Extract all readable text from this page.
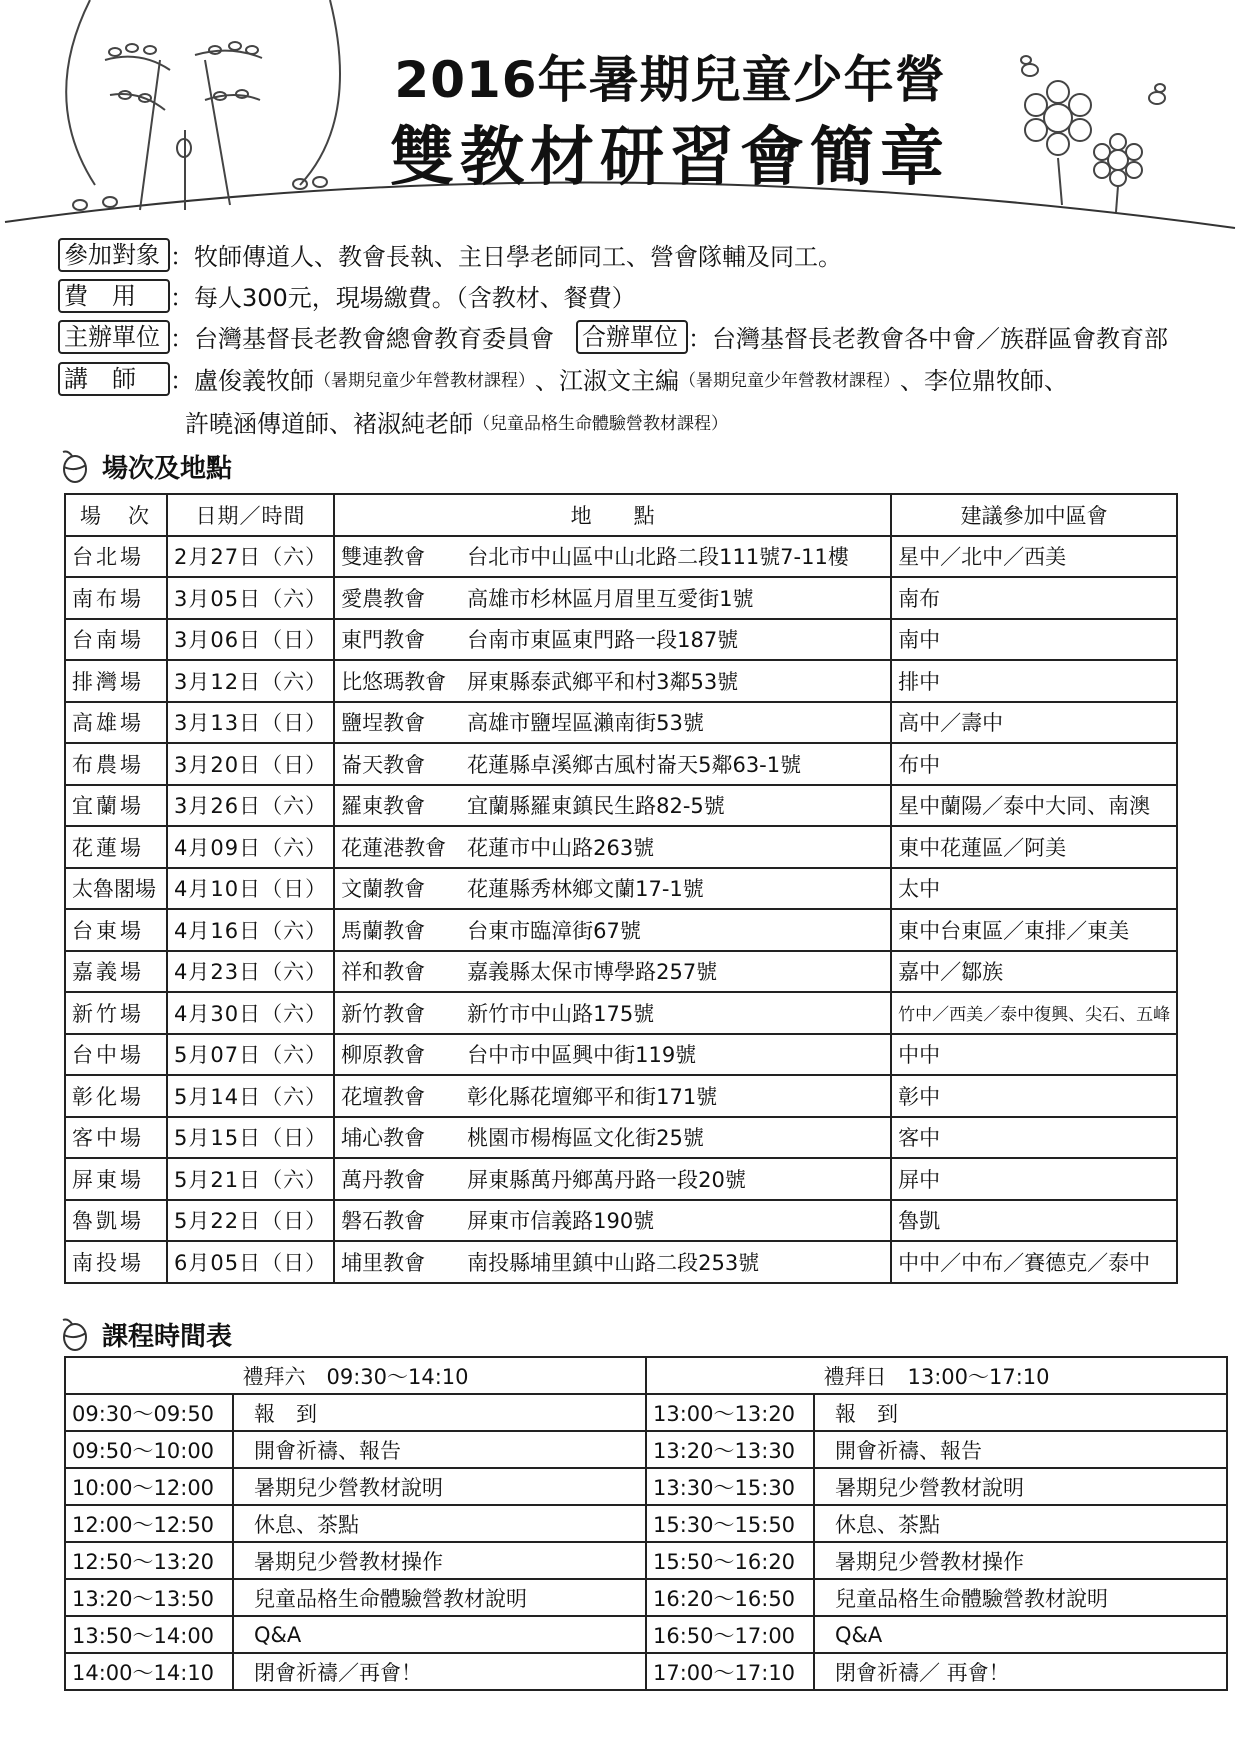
2016年暑期兒童少年營
雙教材研習會簡章
參加對象 ：牧師傳道人、教會長執、主日學老師同工、營會隊輔及同工。
費　用	：每人300元，現場繳費。（含教材、餐費）
主辦單位 ：台灣基督長老教會總會教育委員會 合辦單位 ：台灣基督長老教會各中會／族群區會教育部
講　師	：盧俊義牧師 （暑期兒童少年營教材課程） 、江淑文主編 （暑期兒童少年營教材課程） 、李位鼎牧師、
許曉涵傳道師、褚淑純老師 （兒童品格生命體驗營教材課程）
場次及地點
場　次	日期／時間	地　　點	建議參加中區會
台北場	2月27日（六）	雙連教會 台北市中山區中山北路二段111號7-11樓	星中／北中／西美
南布場	3月05日（六）	愛農教會 高雄市杉林區月眉里互愛街1號	南布
台南場	3月06日（日）	東門教會 台南市東區東門路一段187號	南中
排灣場	3月12日（六）	比悠瑪教會 屏東縣泰武鄉平和村3鄰53號	排中
高雄場	3月13日（日）	鹽埕教會 高雄市鹽埕區瀨南街53號	高中／壽中
布農場	3月20日（日）	崙天教會 花蓮縣卓溪鄉古風村崙天5鄰63-1號	布中
宜蘭場	3月26日（六）	羅東教會 宜蘭縣羅東鎮民生路82-5號	星中蘭陽／泰中大同、南澳
花蓮場	4月09日（六）	花蓮港教會 花蓮市中山路263號	東中花蓮區／阿美
太魯閣場	4月10日（日）	文蘭教會 花蓮縣秀林鄉文蘭17-1號	太中
台東場	4月16日（六）	馬蘭教會 台東市臨漳街67號	東中台東區／東排／東美
嘉義場	4月23日（六）	祥和教會 嘉義縣太保市博學路257號	嘉中／鄒族
新竹場	4月30日（六）	新竹教會 新竹市中山路175號	竹中／西美／泰中復興、尖石、五峰
台中場	5月07日（六）	柳原教會 台中市中區興中街119號	中中
彰化場	5月14日（六）	花壇教會 彰化縣花壇鄉平和街171號	彰中
客中場	5月15日（日）	埔心教會 桃園市楊梅區文化街25號	客中
屏東場	5月21日（六）	萬丹教會 屏東縣萬丹鄉萬丹路一段20號	屏中
魯凱場	5月22日（日）	磐石教會 屏東市信義路190號	魯凱
南投場	6月05日（日）	埔里教會 南投縣埔里鎮中山路二段253號	中中／中布／賽德克／泰中
課程時間表
禮拜六　09:30～14:10		禮拜日　13:00～17:10	
09:30～09:50	報　到	13:00～13:20	報　到
09:50～10:00	開會祈禱、報告	13:20～13:30	開會祈禱、報告
10:00～12:00	暑期兒少營教材說明	13:30～15:30	暑期兒少營教材說明
12:00～12:50	休息、茶點	15:30～15:50	休息、茶點
12:50～13:20	暑期兒少營教材操作	15:50～16:20	暑期兒少營教材操作
13:20～13:50	兒童品格生命體驗營教材說明	16:20～16:50	兒童品格生命體驗營教材說明
13:50～14:00	Q&A	16:50～17:00	Q&A
14:00～14:10	閉會祈禱／再會！	17:00～17:10	閉會祈禱／ 再會！
